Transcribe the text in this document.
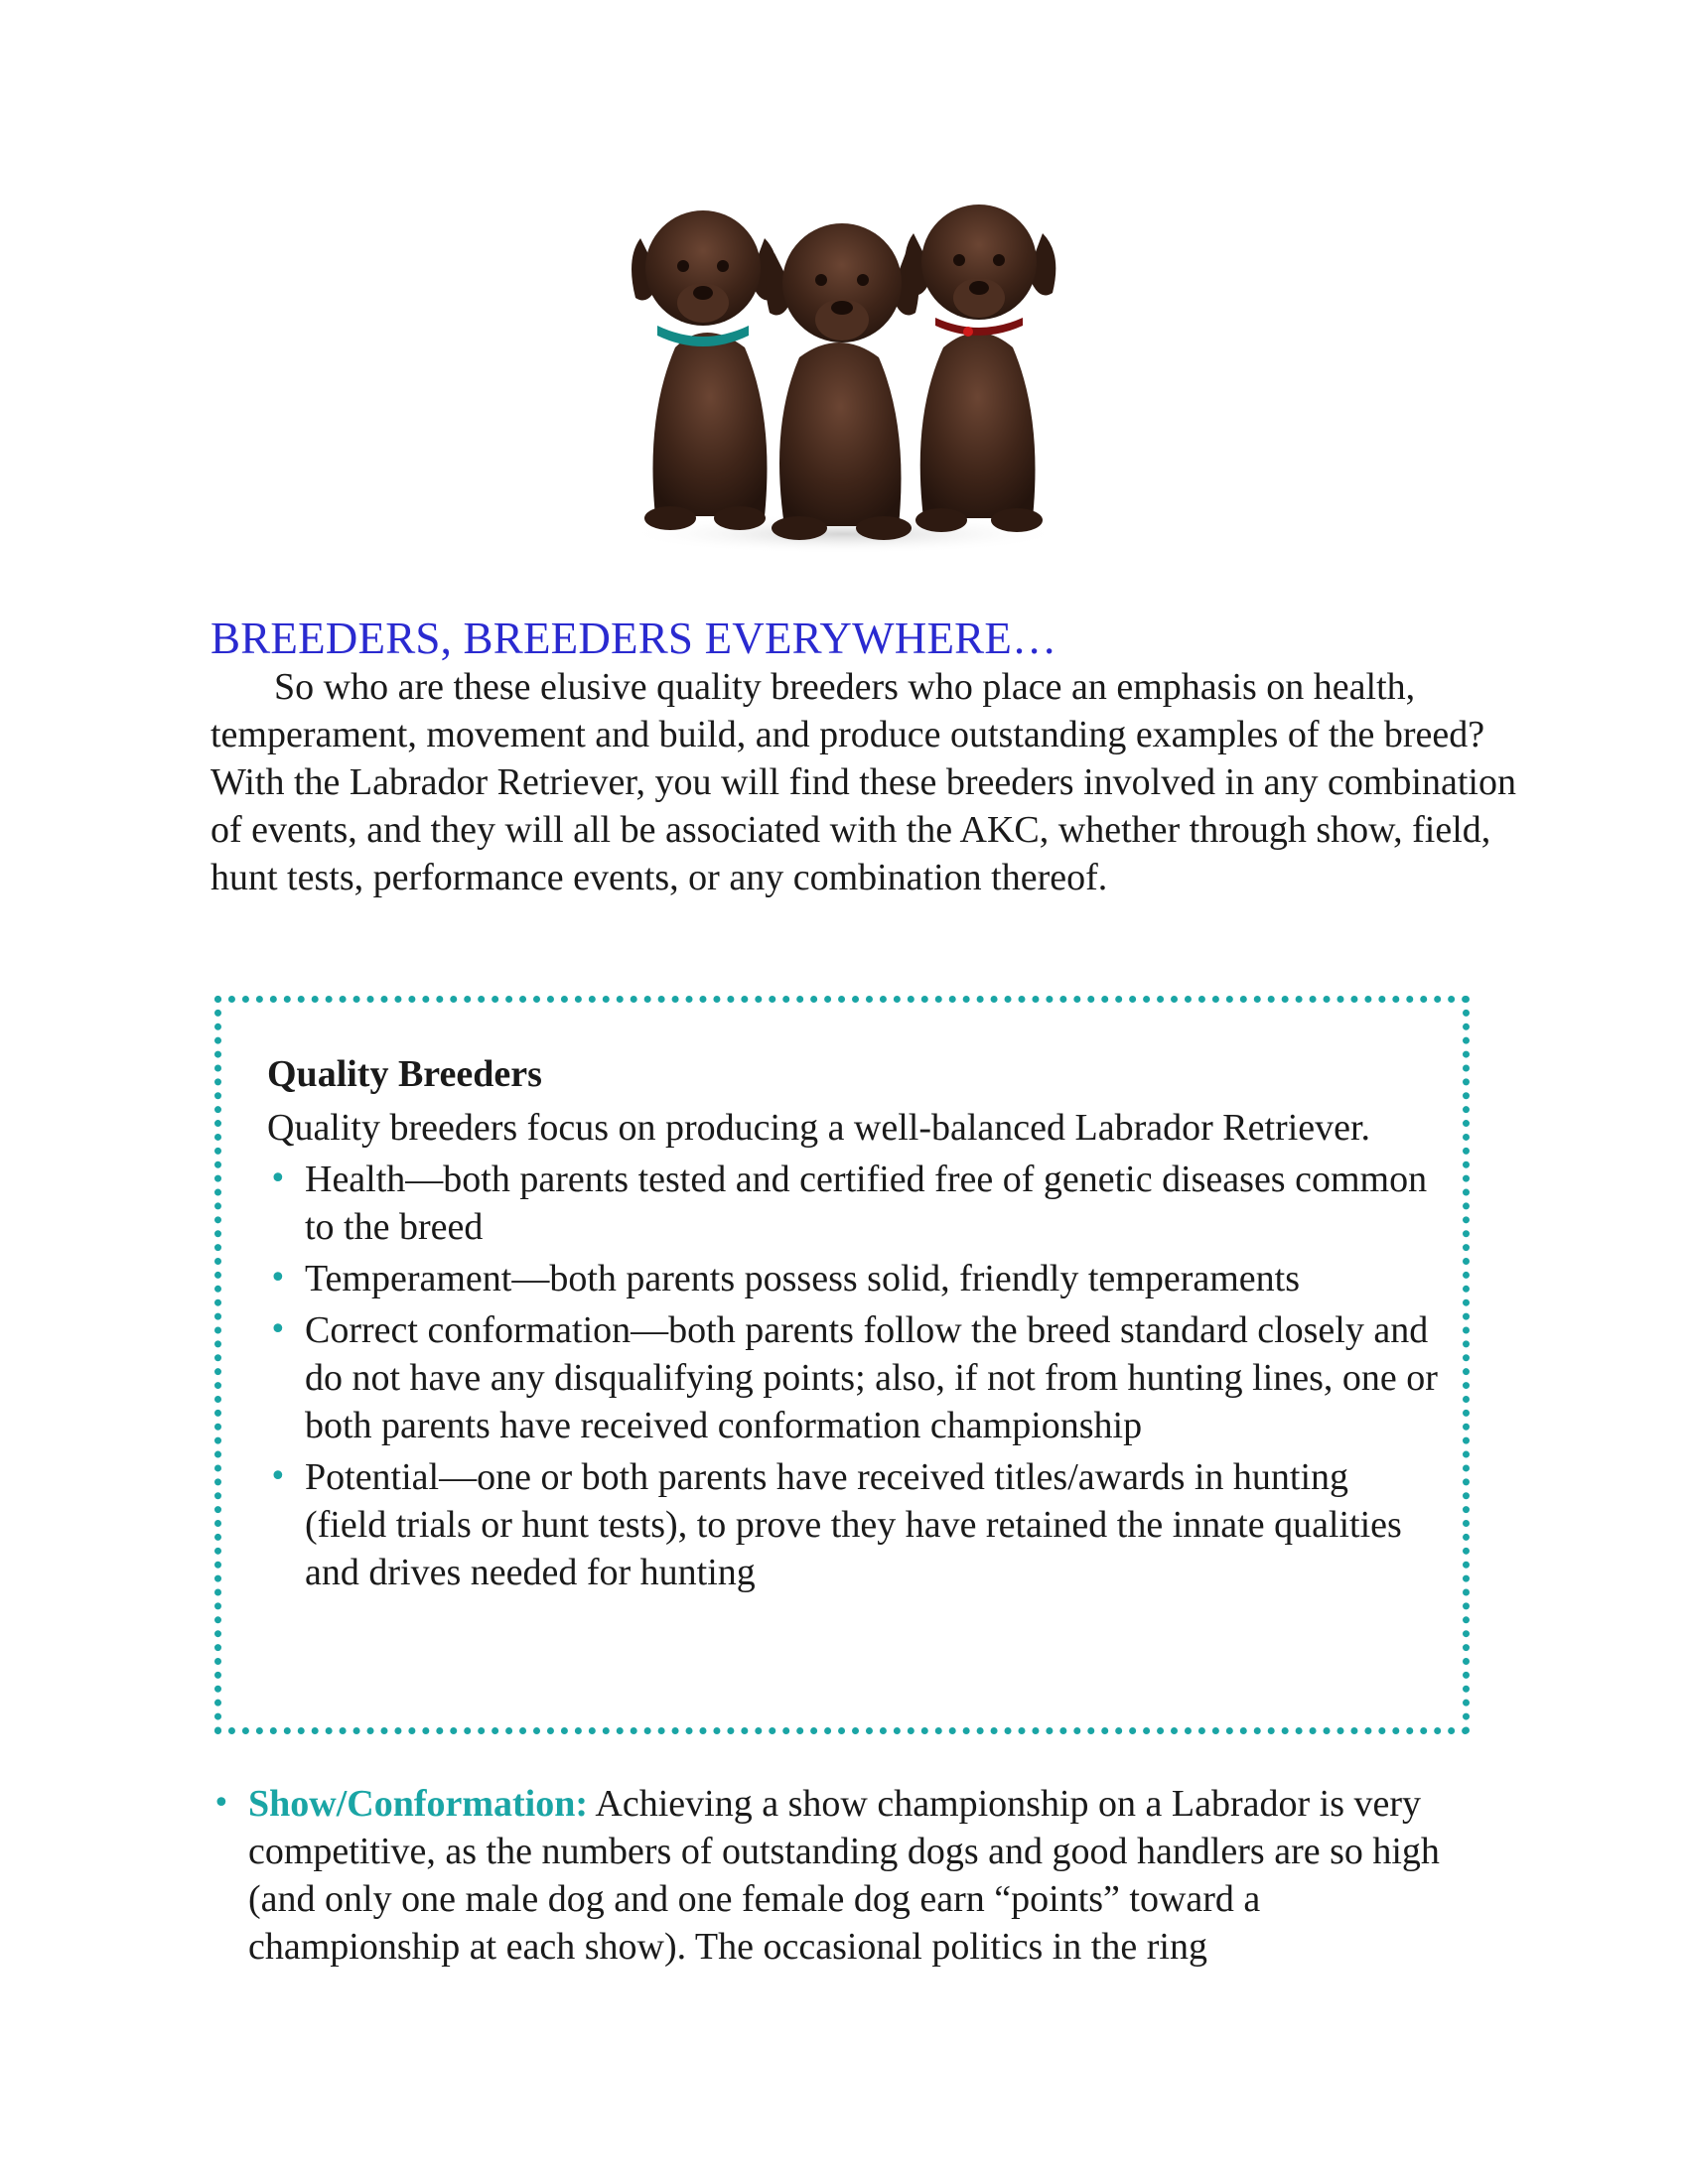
BREEDERS, BREEDERS EVERYWHERE…

So who are these elusive quality breeders who place an emphasis on health, temperament, movement and build, and produce outstanding examples of the breed? With the Labrador Retriever, you will find these breeders involved in any combination of events, and they will all be associated with the AKC, whether through show, field, hunt tests, performance events, or any combination thereof.

Quality Breeders

Quality breeders focus on producing a well-balanced Labrador Retriever.

• Health—both parents tested and certified free of genetic diseases common to the breed
• Temperament—both parents possess solid, friendly temperaments
• Correct conformation—both parents follow the breed standard closely and do not have any disqualifying points; also, if not from hunting lines, one or both parents have received conformation championship
• Potential—one or both parents have received titles/awards in hunting (field trials or hunt tests), to prove they have retained the innate qualities and drives needed for hunting
• Show/Conformation: Achieving a show championship on a Labrador is very competitive, as the numbers of outstanding dogs and good handlers are so high (and only one male dog and one female dog earn “points” toward a championship at each show). The occasional politics in the ring
